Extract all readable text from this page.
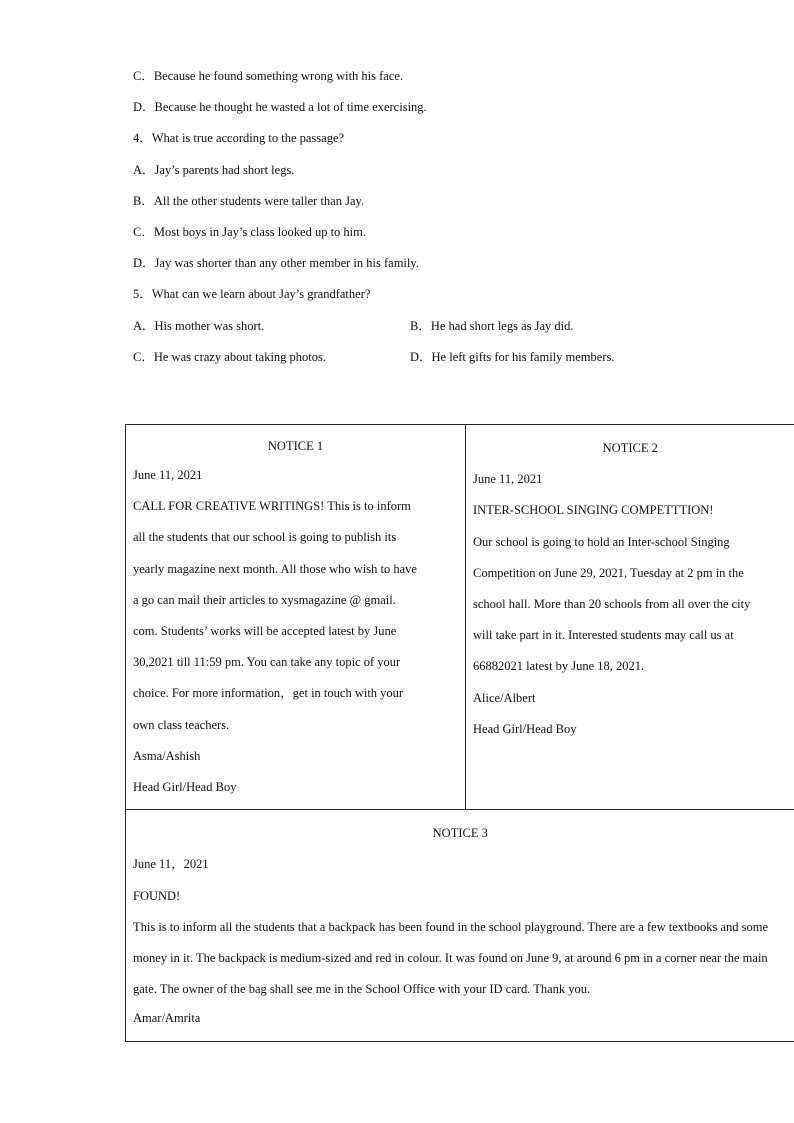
C．Because he found something wrong with his face.
D．Because he thought he wasted a lot of time exercising.
4．What is true according to the passage?
A．Jay’s parents had short legs.
B．All the other students were taller than Jay.
C．Most boys in Jay’s class looked up to him.
D．Jay was shorter than any other member in his family.
5．What can we learn about Jay’s grandfather?
A．His mother was short.	B．He had short legs as Jay did.
C．He was crazy about taking photos.	D．He left gifts for his family members.
NOTICE 1
June 11, 2021
CALL FOR CREATIVE WRITINGS! This is to inform
all the students that our school is going to publish its
yearly magazine next month. All those who wish to have
a go can mail their articles to xysmagazine @ gmail.
com. Students’ works will be accepted latest by June
30,2021 till 11:59 pm. You can take any topic of your
choice. For more information，get in touch with your
own class teachers.
Asma/Ashish
Head Girl/Head Boy

NOTICE 2
June 11, 2021
INTER-SCHOOL SINGING COMPETTTION!
Our school is going to hold an Inter-school Singing
Competition on June 29, 2021, Tuesday at 2 pm in the
school hall. More than 20 schools from all over the city
will take part in it. Interested students may call us at
66882021 latest by June 18, 2021.
Alice/Albert
Head Girl/Head Boy

NOTICE 3
June 11，2021
FOUND!
This is to inform all the students that a backpack has been found in the school playground. There are a few textbooks and some money in it. The backpack is medium-sized and red in colour. It was found on June 9, at around 6 pm in a corner near the main gate. The owner of the bag shall see me in the School Office with your ID card. Thank you.
Amar/Amrita
